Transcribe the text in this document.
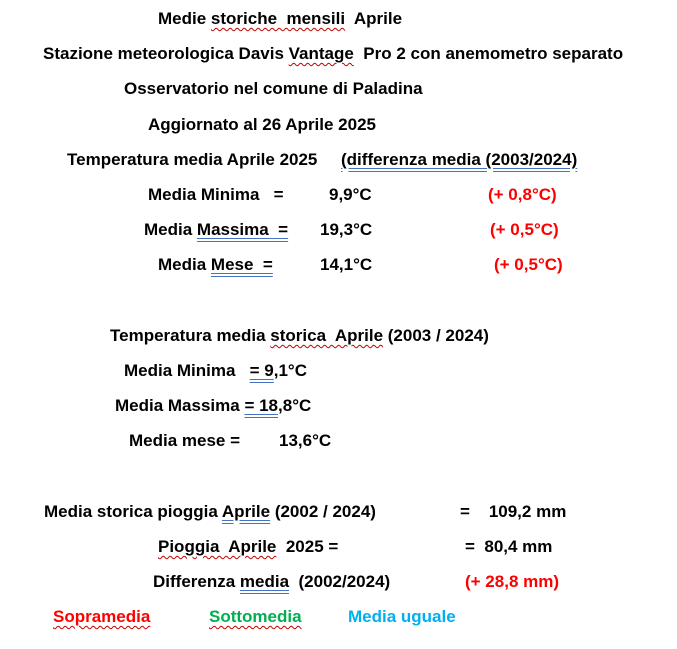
Medie storiche  mensili  Aprile
Stazione meteorologica Davis Vantage  Pro 2 con anemometro separato
Osservatorio nel comune di Paladina
Aggiornato al 26 Aprile 2025
Temperatura media Aprile 2025     (differenza media (2003/2024)
Media Minima   =	9,9°C	(+ 0,8°C)
Media Massima  = 19,3°C	(+ 0,5°C)
Media Mese  =	14,1°C	(+ 0,5°C)
Temperatura media storica  Aprile (2003 / 2024)
Media Minima   = 9,1°C
Media Massima = 18,8°C
Media mese = 13,6°C
Media storica pioggia Aprile (2002 / 2024)	=    109,2 mm
Pioggia  Aprile  2025 =	=  80,4 mm
Differenza media  (2002/2024)	(+ 28,8 mm)
Sopramedia	Sottomedia	Media uguale
